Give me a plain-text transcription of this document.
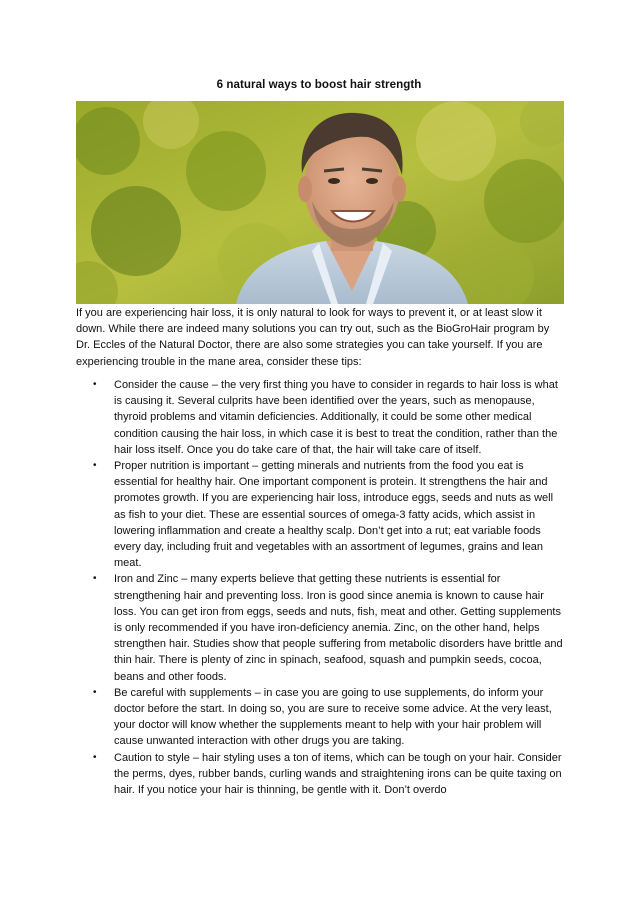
6 natural ways to boost hair strength

If you are experiencing hair loss, it is only natural to look for ways to prevent it, or at least slow it down. While there are indeed many solutions you can try out, such as the BioGroHair program by Dr. Eccles of the Natural Doctor, there are also some strategies you can take yourself. If you are experiencing trouble in the mane area, consider these tips:

• Consider the cause – the very first thing you have to consider in regards to hair loss is what is causing it. Several culprits have been identified over the years, such as menopause, thyroid problems and vitamin deficiencies. Additionally, it could be some other medical condition causing the hair loss, in which case it is best to treat the condition, rather than the hair loss itself. Once you do take care of that, the hair will take care of itself.
• Proper nutrition is important – getting minerals and nutrients from the food you eat is essential for healthy hair. One important component is protein. It strengthens the hair and promotes growth. If you are experiencing hair loss, introduce eggs, seeds and nuts as well as fish to your diet. These are essential sources of omega-3 fatty acids, which assist in lowering inflammation and create a healthy scalp. Don’t get into a rut; eat variable foods every day, including fruit and vegetables with an assortment of legumes, grains and lean meat.
• Iron and Zinc – many experts believe that getting these nutrients is essential for strengthening hair and preventing loss. Iron is good since anemia is known to cause hair loss. You can get iron from eggs, seeds and nuts, fish, meat and other. Getting supplements is only recommended if you have iron-deficiency anemia. Zinc, on the other hand, helps strengthen hair. Studies show that people suffering from metabolic disorders have brittle and thin hair. There is plenty of zinc in spinach, seafood, squash and pumpkin seeds, cocoa, beans and other foods.
• Be careful with supplements – in case you are going to use supplements, do inform your doctor before the start. In doing so, you are sure to receive some advice. At the very least, your doctor will know whether the supplements meant to help with your hair problem will cause unwanted interaction with other drugs you are taking.
• Caution to style – hair styling uses a ton of items, which can be tough on your hair. Consider the perms, dyes, rubber bands, curling wands and straightening irons can be quite taxing on hair. If you notice your hair is thinning, be gentle with it. Don’t overdo
